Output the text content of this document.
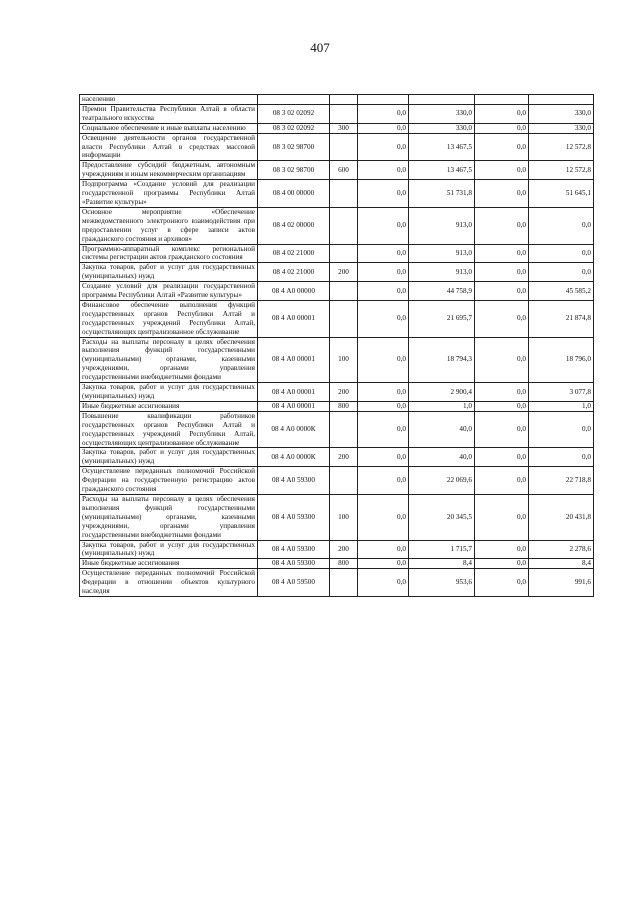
407
населению						
Премии Правительства Республики Алтай в области театрального искусства	08 3 02 02092		0,0	330,0	0,0	330,0
Социальное обеспечение и иные выплаты населению	08 3 02 02092	300	0,0	330,0	0,0	330,0
Освещение деятельности органов государственной власти Республики Алтай в средствах массовой информации	08 3 02 98700		0,0	13 467,5	0,0	12 572,8
Предоставление субсидий бюджетным, автономным учреждениям и иным некоммерческим организациям	08 3 02 98700	600	0,0	13 467,5	0,0	12 572,8
Подпрограмма «Создание условий для реализации государственной программы Республики Алтай «Развитие культуры»	08 4 00 00000		0,0	51 731,8	0,0	51 645,1
Основное мероприятие «Обеспечение межведомственного электронного взаимодействия при предоставлении услуг в сфере записи актов гражданского состояния и архивов»	08 4 02 00000		0,0	913,0	0,0	0,0
Программно-аппаратный комплекс региональной системы регистрации актов гражданского состояния	08 4 02 21000		0,0	913,0	0,0	0,0
Закупка товаров, работ и услуг для государственных (муниципальных) нужд	08 4 02 21000	200	0,0	913,0	0,0	0,0
Создание условий для реализации государственной программы Республики Алтай «Развитие культуры»	08 4 А0 00000		0,0	44 758,9	0,0	45 585,2
Финансовое обеспечение выполнения функций государственных органов Республики Алтай и государственных учреждений Республики Алтай, осуществляющих централизованное обслуживание	08 4 А0 00001		0,0	21 695,7	0,0	21 874,8
Расходы на выплаты персоналу в целях обеспечения выполнения функций государственными (муниципальными) органами, казенными учреждениями, органами управления государственными внебюджетными фондами	08 4 А0 00001	100	0,0	18 794,3	0,0	18 796,0
Закупка товаров, работ и услуг для государственных (муниципальных) нужд	08 4 А0 00001	200	0,0	2 900,4	0,0	3 077,8
Иные бюджетные ассигнования	08 4 А0 00001	800	0,0	1,0	0,0	1,0
Повышение квалификации работников государственных органов Республики Алтай и государственных учреждений Республики Алтай, осуществляющих централизованное обслуживание	08 4 А0 0000К		0,0	40,0	0,0	0,0
Закупка товаров, работ и услуг для государственных (муниципальных) нужд	08 4 А0 0000К	200	0,0	40,0	0,0	0,0
Осуществление переданных полномочий Российской Федерации на государственную регистрацию актов гражданского состояния	08 4 А0 59300		0,0	22 069,6	0,0	22 718,8
Расходы на выплаты персоналу в целях обеспечения выполнения функций государственными (муниципальными) органами, казенными учреждениями, органами управления государственными внебюджетными фондами	08 4 А0 59300	100	0,0	20 345,5	0,0	20 431,8
Закупка товаров, работ и услуг для государственных (муниципальных) нужд	08 4 А0 59300	200	0,0	1 715,7	0,0	2 278,6
Иные бюджетные ассигнования	08 4 А0 59300	800	0,0	8,4	0,0	8,4
Осуществление переданных полномочий Российской Федерации в отношении объектов культурного наследия	08 4 А0 59500		0,0	953,6	0,0	991,6
